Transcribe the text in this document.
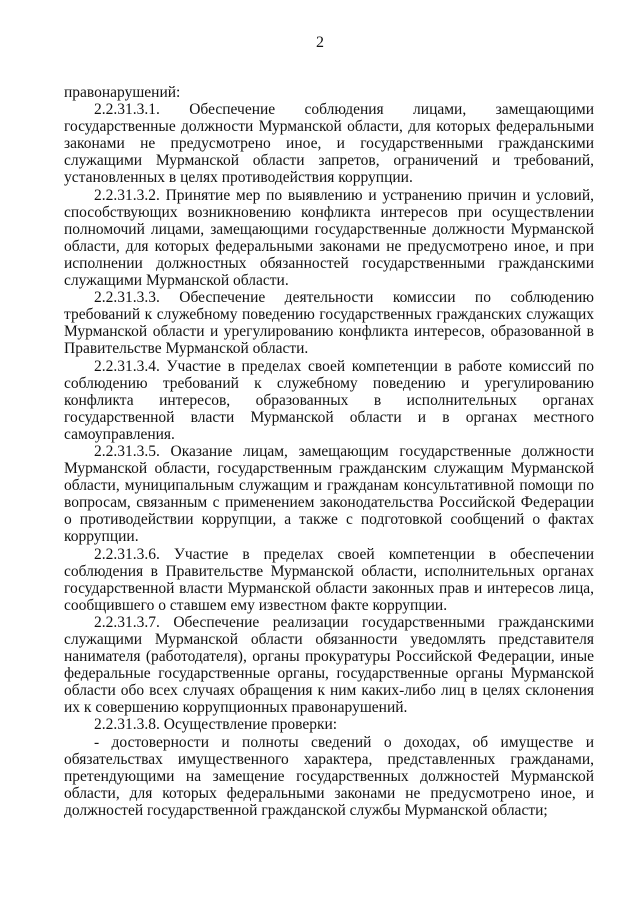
2

правонарушений:

2.2.31.3.1. Обеспечение соблюдения лицами, замещающими государственные должности Мурманской области, для которых федеральными законами не предусмотрено иное, и государственными гражданскими служащими Мурманской области запретов, ограничений и требований, установленных в целях противодействия коррупции.

2.2.31.3.2. Принятие мер по выявлению и устранению причин и условий, способствующих возникновению конфликта интересов при осуществлении полномочий лицами, замещающими государственные должности Мурманской области, для которых федеральными законами не предусмотрено иное, и при исполнении должностных обязанностей государственными гражданскими служащими Мурманской области.

2.2.31.3.3. Обеспечение деятельности комиссии по соблюдению требований к служебному поведению государственных гражданских служащих Мурманской области и урегулированию конфликта интересов, образованной в Правительстве Мурманской области.

2.2.31.3.4. Участие в пределах своей компетенции в работе комиссий по соблюдению требований к служебному поведению и урегулированию конфликта интересов, образованных в исполнительных органах государственной власти Мурманской области и в органах местного самоуправления.

2.2.31.3.5. Оказание лицам, замещающим государственные должности Мурманской области, государственным гражданским служащим Мурманской области, муниципальным служащим и гражданам консультативной помощи по вопросам, связанным с применением законодательства Российской Федерации о противодействии коррупции, а также с подготовкой сообщений о фактах коррупции.

2.2.31.3.6. Участие в пределах своей компетенции в обеспечении соблюдения в Правительстве Мурманской области, исполнительных органах государственной власти Мурманской области законных прав и интересов лица, сообщившего о ставшем ему известном факте коррупции.

2.2.31.3.7. Обеспечение реализации государственными гражданскими служащими Мурманской области обязанности уведомлять представителя нанимателя (работодателя), органы прокуратуры Российской Федерации, иные федеральные государственные органы, государственные органы Мурманской области обо всех случаях обращения к ним каких-либо лиц в целях склонения их к совершению коррупционных правонарушений.

2.2.31.3.8. Осуществление проверки:

- достоверности и полноты сведений о доходах, об имуществе и обязательствах имущественного характера, представленных гражданами, претендующими на замещение государственных должностей Мурманской области, для которых федеральными законами не предусмотрено иное, и должностей государственной гражданской службы Мурманской области;
